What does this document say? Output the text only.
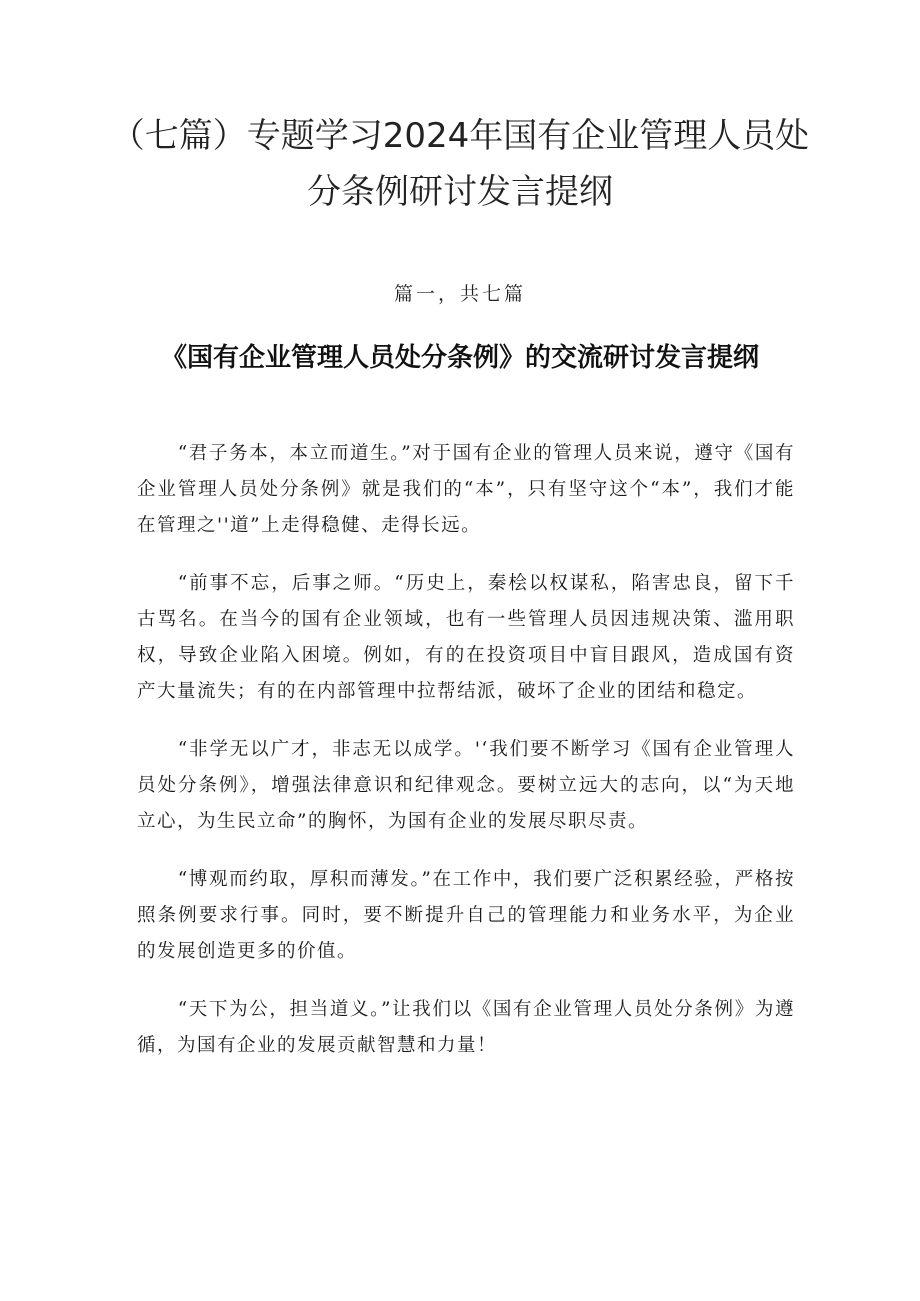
（七篇）专题学习2024年国有企业管理人员处分条例研讨发言提纲
篇一，共七篇
《国有企业管理人员处分条例》的交流研讨发言提纲

“君子务本，本立而道生。”对于国有企业的管理人员来说，遵守《国有企业管理人员处分条例》就是我们的“本”，只有坚守这个“本”，我们才能在管理之''道”上走得稳健、走得长远。

“前事不忘，后事之师。“历史上，秦桧以权谋私，陷害忠良，留下千古骂名。在当今的国有企业领域，也有一些管理人员因违规决策、滥用职权，导致企业陷入困境。例如，有的在投资项目中盲目跟风，造成国有资产大量流失；有的在内部管理中拉帮结派，破坏了企业的团结和稳定。

“非学无以广才，非志无以成学。'‘我们要不断学习《国有企业管理人员处分条例》，增强法律意识和纪律观念。要树立远大的志向，以“为天地立心，为生民立命”的胸怀，为国有企业的发展尽职尽责。

“博观而约取，厚积而薄发。”在工作中，我们要广泛积累经验，严格按照条例要求行事。同时，要不断提升自己的管理能力和业务水平，为企业的发展创造更多的价值。

“天下为公，担当道义。”让我们以《国有企业管理人员处分条例》为遵循，为国有企业的发展贡献智慧和力量！
